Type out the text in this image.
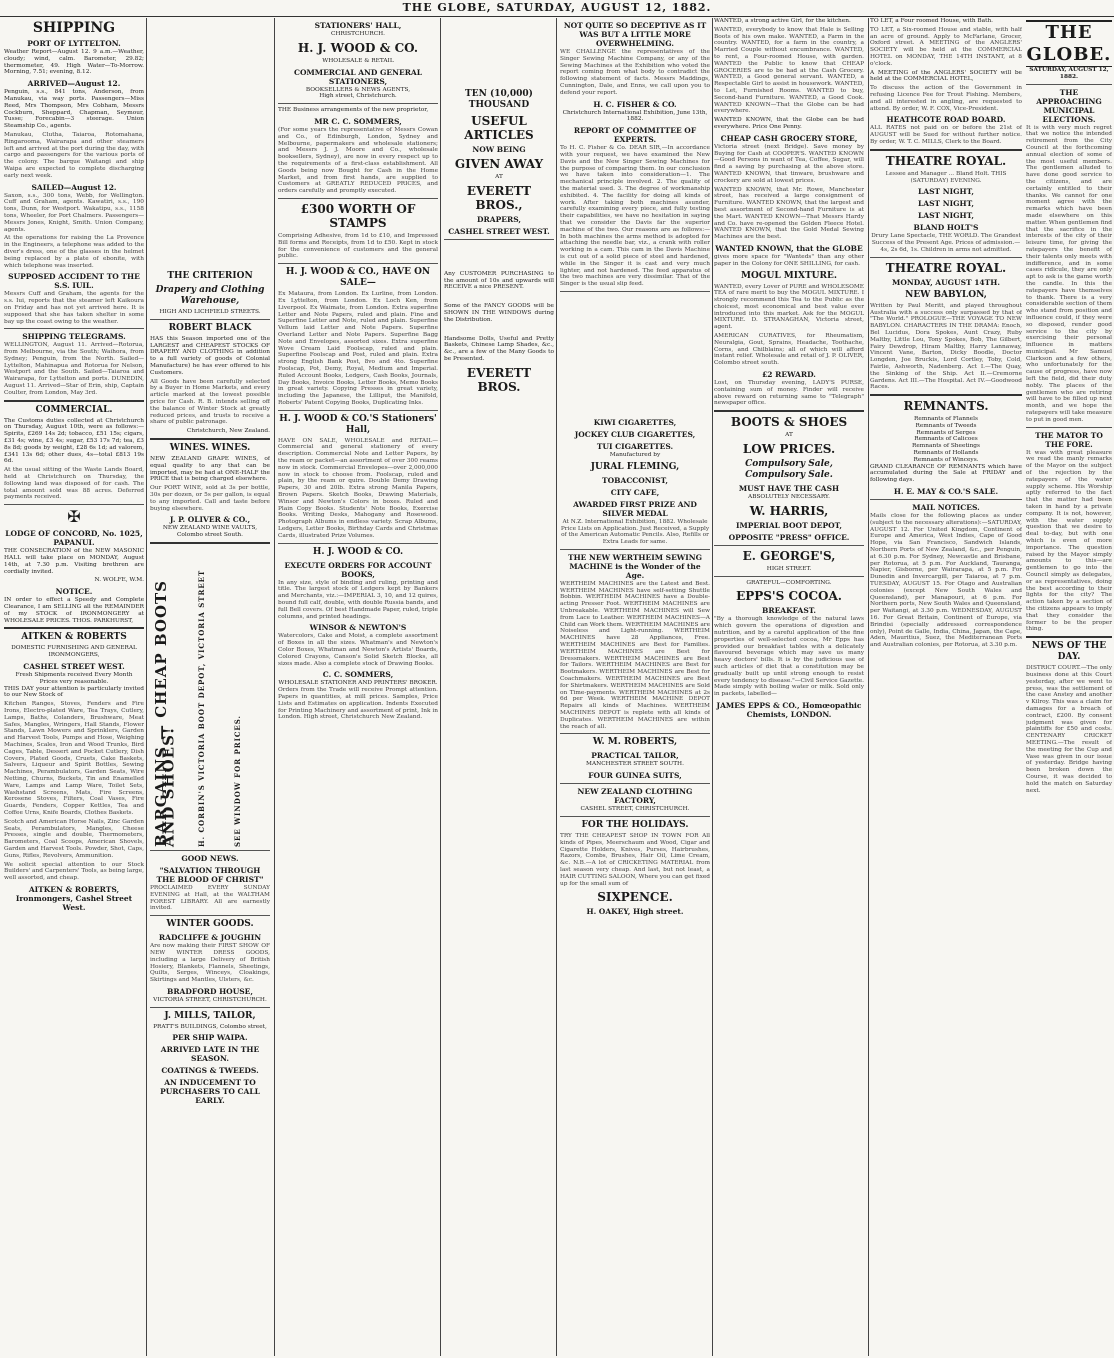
THE GLOBE, SATURDAY, AUGUST 12, 1882.
SHIPPING
PORT OF LYTTELTON.

Weather Report—August 12. 9 a.m.—Weather, cloudy; wind, calm. Barometer, 29.82; thermometer, 49. High Water—To-Morrow. Morning, 7.51; evening, 8.12.

ARRIVED—August 12.

Penguin, s.s., 841 tons, Anderson, from Manukau, via way ports. Passengers—Miss Reed, Mrs Thompson, Mrs Cobham, Messrs Cockburn, Sheppard, Chapman, Seymour, Tusse; Forecabin—3 steerage. Union Steamship Co., agents.

Manukau, Clutha, Taiaroa, Rotomahana, Ringarooma, Wairarapa and other steamers left and arrived at the port during the day, with cargo and passengers for the various ports of the colony. The barque Waitangi and ship Waipa are expected to complete discharging early next week.

SAILED—August 12.

Saxon, s.s., 300 tons, Webb, for Wellington. Cuff and Graham, agents. Kawatiri, s.s., 190 tons, Dunn, for Westport. Wakatipu, s.s., 1158 tons, Wheeler, for Port Chalmers. Passengers—Messrs Jones, Knight, Smith. Union Company, agents.

At the operations for raising the La Provence in the Engineers, a telephone was added to the diver's dress, one of the glasses in the helmet being replaced by a plate of ebonite, with which telephone was inserted.

SUPPOSED ACCIDENT TO THE S.S. IUIL.

Messrs Cuff and Graham, the agents for the s.s. Iui, reports that the steamer left Kaikoura on Friday and has not yet arrived here. It is supposed that she has taken shelter in some bay up the coast owing to the weather.

SHIPPING TELEGRAMS.

WELLINGTON, August 11. Arrived—Rotorua, from Melbourne, via the South; Waihora, from Sydney; Penguin, from the North. Sailed—Lyttelton, Mahinapua and Rotorua for Nelson, Westport and the South. Sailed—Taiaroa and Wairarapa, for Lyttelton and ports. DUNEDIN, August 11. Arrived—Star of Erin, ship, Captain Coulter, from London, May 3rd.

COMMERCIAL.

The Customs duties collected at Christchurch on Thursday, August 10th, were as follows:—Spirits, £269 14s 2d; tobacco, £51 15s; cigars, £31 4s; wine, £3 4s; sugar, £53 17s 7d; tea, £3 8s 8d; goods by weight, £28 6s 1d; ad valorem, £341 13s 6d; other dues, 4s—total £813 19s 6d.

At the usual sitting of the Waste Lands Board, held at Christchurch on Thursday, the following land was disposed of for cash. The total amount sold was 88 acres. Deferred payments received.

✠
LODGE OF CONCORD, No. 1025, PAPANUI.

THE CONSECRATION of the NEW MASONIC HALL will take place on MONDAY, August 14th, at 7.30 p.m. Visiting brethren are cordially invited.

N. WOLFE, W.M.

NOTICE.

IN order to effect a Speedy and Complete Clearance, I am SELLING all the REMAINDER of my STOCK of IRONMONGERY at WHOLESALE PRICES. THOS. PARKHURST,

AITKEN & ROBERTS
DOMESTIC FURNISHING AND GENERAL IRONMONGERS,
CASHEL STREET WEST.
Fresh Shipments received Every Month
Prices very reasonable.

THIS DAY your attention is particularly invited to our New Stock of

Kitchen Ranges, Stoves, Fenders and Fire Irons, Electro-plated Ware, Tea Trays, Cutlery, Lamps, Baths, Colanders, Brushware, Meat Safes, Mangles, Wringers, Hall Stands, Flower Stands, Lawn Mowers and Sprinklers, Garden and Harvest Tools, Pumps and Hose, Weighing Machines, Scales, Iron and Wood Trunks, Bird Cages, Table, Dessert and Pocket Cutlery, Dish Covers, Plated Goods, Cruets, Cake Baskets, Salvers, Liqueur and Spirit Bottles, Sewing Machines, Perambulators, Garden Seats, Wire Netting, Churns, Buckets, Tin and Enamelled Ware, Lamps and Lamp Ware, Toilet Sets, Washstand Screens, Mats, Fire Screens, Kerosene Stoves, Filters, Coal Vases, Fire Guards, Fenders, Copper Kettles, Tea and Coffee Urns, Knife Boards, Clothes Baskets.

Scotch and American Horse Nails, Zinc Garden Seats, Perambulators, Mangles, Cheese Presses, single and double, Thermometers, Barometers, Coal Scoops, American Shovels, Garden and Harvest Tools. Powder, Shot, Caps, Guns, Rifles, Revolvers, Ammunition.

We solicit special attention to our Stock Builders' and Carpenters' Tools, as being large, well assorted, and cheap.

AITKEN & ROBERTS, Ironmongers, Cashel Street West.
THE CRITERION
Drapery and Clothing Warehouse,
HIGH AND LICHFIELD STREETS.
ROBERT BLACK

HAS this Season imported one of the LARGEST and CHEAPEST STOCKS OF DRAPERY AND CLOTHING in addition to a full variety of goods of Colonial Manufacture) he has ever offered to his Customers.

All Goods have been carefully selected by a Buyer in Home Markets, and every article marked at the lowest possible price for Cash. R. B. intends selling off the balance of Winter Stock at greatly reduced prices, and trusts to receive a share of public patronage.

Christchurch, New Zealand.

WINES. WINES.

NEW ZEALAND GRAPE WINES, of equal quality to any that can be imported, may be had at ONE-HALF the PRICE that is being charged elsewhere.

Our PORT WINE, sold at 3s per bottle, 30s per dozen, or 5s per gallon, is equal to any imported. Call and taste before buying elsewhere.

J. P. OLIVER & CO.,
NEW ZEALAND WINE VAULTS,
Colombo street South.
BARGAINS — CHEAP BOOTS AND SHOES!	H. CORBIN'S VICTORIA BOOT DEPOT, VICTORIA STREET	SEE WINDOW FOR PRICES.
GOOD NEWS.
"SALVATION THROUGH THE BLOOD OF CHRIST"

PROCLAIMED EVERY SUNDAY EVENING at Hall, at the WALTHAM FOREST LIBRARY. All are earnestly invited.

WINTER GOODS.
RADCLIFFE & JOUGHIN

Are now making their FIRST SHOW OF NEW WINTER DRESS GOODS, including a large Delivery of British Hosiery, Blankets, Flannels, Sheetings, Quilts, Serges, Winceys, Cloakings, Skirtings and Mantles, Ulsters, &c.

BRADFORD HOUSE,
VICTORIA STREET, CHRISTCHURCH.
J. MILLS, TAILOR,
PRATT'S BUILDINGS, Colombo street,
PER SHIP WAIPA.
ARRIVED LATE IN THE SEASON.
COATINGS & TWEEDS.
AN INDUCEMENT TO PURCHASERS TO CALL EARLY.
STATIONERS' HALL,
CHRISTCHURCH.
H. J. WOOD & CO.
WHOLESALE & RETAIL
COMMERCIAL AND GENERAL STATIONERS,
BOOKSELLERS & NEWS AGENTS,
High street, Christchurch.

THE Business arrangements of the new proprietor,

MR C. C. SOMMERS,

(For some years the representative of Messrs Cowan and Co., of Edinburgh, London, Sydney and Melbourne, papermakers and wholesale stationers; and Messrs J. J. Moore and Co., wholesale booksellers, Sydney), are now in every respect up to the requirements of a first-class establishment. All Goods being now Bought for Cash in the Home Market, and from first hands, are supplied to Customers at GREATLY REDUCED PRICES, and orders carefully and promptly executed.

£300 WORTH OF STAMPS

Comprising Adhesive, from 1d to £10, and Impressed Bill forms and Receipts, from 1d to £50. Kept in stock for the convenience of customers and the general public.

H. J. WOOD & CO., HAVE ON SALE—

Ex Mataura, from London. Ex Lurline, from London. Ex Lyttelton, from London. Ex Loch Ken, from Liverpool. Ex Waimate, from London. Extra superfine Letter and Note Papers, ruled and plain. Fine and Superfine Letter and Note, ruled and plain. Superfine Vellum laid Letter and Note Papers. Superfine Overland Letter and Note Papers. Superfine Bagg Note and Envelopes, assorted sizes. Extra superfine Wove Cream Laid Foolscap, ruled and plain. Superfine Foolscap and Post, ruled and plain. Extra strong English Bank Post, 8vo and 4to. Superfine Foolscap, Pot, Demy, Royal, Medium and Imperial. Ruled Account Books, Ledgers, Cash Books, Journals, Day Books, Invoice Books, Letter Books, Memo Books in great variety. Copying Presses in great variety, including the Japanese, the Lilliput, the Manifold, Roberts' Patent Copying Books, Duplicating Inks.

H. J. WOOD & CO.'S Stationers' Hall,

HAVE ON SALE, WHOLESALE and RETAIL—Commercial and general stationery of every description. Commercial Note and Letter Papers, by the ream or packet—an assortment of over 300 reams now in stock. Commercial Envelopes—over 2,000,000 now in stock to choose from. Foolscap, ruled and plain, by the ream or quire. Double Demy Drawing Papers, 30 and 20lb. Extra strong Manila Papers, Brown Papers. Sketch Books, Drawing Materials, Winsor and Newton's Colors in boxes. Ruled and Plain Copy Books. Students' Note Books, Exercise Books. Writing Desks, Mahogany and Rosewood. Photograph Albums in endless variety. Scrap Albums, Ledgers, Letter Books, Birthday Cards and Christmas Cards, illustrated Prize Volumes.

H. J. WOOD & CO.
EXECUTE ORDERS FOR ACCOUNT BOOKS,

In any size, style of binding and ruling, printing and title. The largest stock of Ledgers kept by Bankers and Merchants, viz.:—IMPERIAL 3, 10, and 12 quires, bound full calf, double, with double Russia bands, and full Bell covers. Of best Handmade Paper, ruled, triple columns, and printed headings.

WINSOR & NEWTON'S

Watercolors, Cake and Moist, a complete assortment of Boxes in all the sizes. Whatman's and Newton's Color Boxes, Whatman and Newton's Artists' Boards, Colored Crayons, Canson's Solid Sketch Blocks, all sizes made. Also a complete stock of Drawing Books.

C. C. SOMMERS,
WHOLESALE STATIONER AND PRINTERS' BROKER.

Orders from the Trade will receive Prompt attention. Papers in quantities, at mill prices. Samples, Price Lists and Estimates on application. Indents Executed for Printing Machinery and assortment of print, Ink in London. High street, Christchurch New Zealand.

TEN (10,000) THOUSAND
USEFUL ARTICLES
NOW BEING
GIVEN AWAY
AT
EVERETT BROS.,
DRAPERS,
CASHEL STREET WEST.

Any CUSTOMER PURCHASING to the amount of 10s and upwards will RECEIVE a nice PRESENT.

Some of the FANCY GOODS will be SHOWN IN THE WINDOWS during the Distribution.

Handsome Dolls, Useful and Pretty Baskets, Chinese Lamp Shades, &c., &c., are a few of the Many Goods to be Presented.

EVERETT BROS.
NOT QUITE SO DECEPTIVE AS IT WAS BUT A LITTLE MORE OVERWHELMING.

WE CHALLENGE the representatives of the Singer Sewing Machine Company, or any of the Sewing Machines at the Exhibition who voted the report coming from what body to contradict the following statement of facts. Messrs Maddings, Cunnington, Dale, and Enns, we call upon you to defend your report.

H. C. FISHER & CO.
Christchurch International Exhibition, June 13th, 1882.
REPORT OF COMMITTEE OF EXPERTS.

To H. C. Fisher & Co. DEAR SIR,—In accordance with your request, we have examined the New Davis and the New Singer Sewing Machines for the purpose of comparing them. In our conclusion we have taken into consideration—1. The mechanical principle involved. 2. The quality of the material used. 3. The degree of workmanship exhibited. 4. The facility for doing all kinds of work. After taking both machines asunder, carefully examining every piece, and fully testing their capabilities, we have no hesitation in saying that we consider the Davis far the superior machine of the two. Our reasons are as follows:—In both machines the arms method is adopted for attaching the needle bar, viz., a crank with roller working in a cam. This cam in the Davis Machine is cut out of a solid piece of steel and hardened, while in the Singer it is cast and very much lighter, and not hardened. The feed apparatus of the two machines are very dissimilar. That of the Singer is the usual slip feed.

KIWI CIGARETTES,
JOCKEY CLUB CIGARETTES,
TUI CIGARETTES.
Manufactured by
JURAL FLEMING,
TOBACCONIST,
CITY CAFE,
AWARDED FIRST PRIZE AND SILVER MEDAL

At N.Z. International Exhibition, 1882. Wholesale Price Lists on Application. Just Received, a Supply of the American Automatic Pencils. Also, Refills or Extra Leads for same.

THE NEW WERTHEIM SEWING MACHINE is the Wonder of the Age.

WERTHEIM MACHINES are the Latest and Best. WERTHEIM MACHINES have self-setting Shuttle Bobbin. WERTHEIM MACHINES have a Double-acting Presser Foot. WERTHEIM MACHINES are Unbreakable. WERTHEIM MACHINES will Sew from Lace to Leather. WERTHEIM MACHINES—A Child can Work them. WERTHEIM MACHINES are Noiseless and Light-running. WERTHEIM MACHINES have 28 Appliances, Free. WERTHEIM MACHINES are Best for Families. WERTHEIM MACHINES are Best for Dressmakers. WERTHEIM MACHINES are Best for Tailors. WERTHEIM MACHINES are Best for Bootmakers. WERTHEIM MACHINES are Best for Coachmakers. WERTHEIM MACHINES are Best for Shirtmakers. WERTHEIM MACHINES are Sold on Time-payments. WERTHEIM MACHINES at 2s 6d per Week. WERTHEIM MACHINE DEPOT Repairs all kinds of Machines. WERTHEIM MACHINES DEPOT is replete with all kinds of Duplicates. WERTHEIM MACHINES are within the reach of all.

W. M. ROBERTS,
PRACTICAL TAILOR,
MANCHESTER STREET SOUTH.
FOUR GUINEA SUITS,
NEW ZEALAND CLOTHING FACTORY,
CASHEL STREET, CHRISTCHURCH.
FOR THE HOLIDAYS.

TRY THE CHEAPEST SHOP IN TOWN FOR All kinds of Pipes, Meerschaum and Wood, Cigar and Cigarette Holders, Knives, Purses, Hairbrushes, Razors, Combs, Brushes, Hair Oil, Lime Cream, &c. N.B.—A lot of CRICKETING MATERIAL from last season very cheap. And last, but not least, a HAIR CUTTING SALOON, Where you can get fixed up for the small sum of

SIXPENCE.
H. OAKEY, High street.

WANTED, a strong active Girl, for the kitchen.

WANTED, everybody to know that Hale is Selling Boots of his own make. WANTED, a Farm in the country. WANTED, for a farm in the country, a Married Couple without encumbrance. WANTED, to rent, a Four-roomed House, with garden. WANTED the Public to know that CHEAP GROCERIES are to be had at the Cash Grocery. WANTED, a Good general servant. WANTED, a Respectable Girl to assist in housework. WANTED, to Let, Furnished Rooms. WANTED to buy, Second-hand Furniture. WANTED, a Good Cook. WANTED KNOWN—That the Globe can be had everywhere.

WANTED KNOWN, that the Globe can be had everywhere. Price One Penny.

CHEAP CASH GROCERY STORE,

Victoria street (next Bridge). Save money by Buying for Cash at COOPER'S. WANTED KNOWN—Good Persons in want of Tea, Coffee, Sugar, will find a saving by purchasing at the above store. WANTED KNOWN, that tinware, brushware and crockery are sold at lowest prices.

WANTED KNOWN, that Mr. Rowe, Manchester street, has received a large consignment of Furniture. WANTED KNOWN, that the largest and best assortment of Second-hand Furniture is at the Mart. WANTED KNOWN—That Messrs Hardy and Co. have re-opened the Golden Fleece Hotel. WANTED KNOWN, that the Gold Medal Sewing Machines are the best.

WANTED KNOWN, that the GLOBE

gives more space for "Wanteds" than any other paper in the Colony for ONE SHILLING, for cash.

MOGUL MIXTURE.

WANTED, every Lover of PURE and WHOLESOME TEA of rare merit to buy the MOGUL MIXTURE. I strongly recommend this Tea to the Public as the choicest, most economical and best value ever introduced into this market. Ask for the MOGUL MIXTURE. D. STRANAGHAN, Victoria street, agent.

AMERICAN CURATIVES, for Rheumatism, Neuralgia, Gout, Sprains, Headache, Toothache, Corns, and Chilblains; all of which will afford instant relief. Wholesale and retail of J. P. OLIVER, Colombo street south.

£2 REWARD.

Lost, on Thursday evening, LADY'S PURSE, containing sum of money. Finder will receive above reward on returning same to "Telegraph" newspaper office.

BOOTS & SHOES
AT
LOW PRICES.
Compulsory Sale, Compulsory Sale.
MUST HAVE THE CASH
ABSOLUTELY NECESSARY.
W. HARRIS,
IMPERIAL BOOT DEPOT,
OPPOSITE "PRESS" OFFICE.
E. GEORGE'S,
HIGH STREET.
GRATEFUL—COMFORTING.
EPPS'S COCOA.
BREAKFAST.

"By a thorough knowledge of the natural laws which govern the operations of digestion and nutrition, and by a careful application of the fine properties of well-selected cocoa, Mr Epps has provided our breakfast tables with a delicately flavoured beverage which may save us many heavy doctors' bills. It is by the judicious use of such articles of diet that a constitution may be gradually built up until strong enough to resist every tendency to disease."—Civil Service Gazette. Made simply with boiling water or milk. Sold only in packets, labelled—

JAMES EPPS & CO., Homœopathic Chemists, LONDON.

TO LET, a Four roomed House, with Bath.

TO LET, a Six-roomed House and stable, with half an acre of ground. Apply to McFarlane, Grocer, Oxford street. A MEETING of the ANGLERS' SOCIETY will be held at the COMMERCIAL HOTEL on MONDAY, THE 14TH INSTANT, at 8 o'clock.

A MEETING of the ANGLERS' SOCIETY will be held at the COMMERCIAL HOTEL,

To discuss the action of the Government in refusing Licence Fee for Trout Fishing. Members, and all interested in angling, are requested to attend. By order, W. F. COX, Vice-President.

HEATHCOTE ROAD BOARD.

ALL RATES not paid on or before the 21st of AUGUST will be Sued for without further notice. By order, W. T. C. MILLS, Clerk to the Board.

THEATRE ROYAL.

Lessee and Manager ... Bland Holt. THIS (SATURDAY) EVENING.

LAST NIGHT,
LAST NIGHT,
LAST NIGHT,
BLAND HOLT'S

Drury Lane Spectacle, THE WORLD. The Grandest Success of the Present Age. Prices of admission.—4s, 2s 6d, 1s. Children in arms not admitted.

THEATRE ROYAL.
MONDAY, AUGUST 14TH.
NEW BABYLON,

Written by Paul Meritt, and played throughout Australia with a success only surpassed by that of "The World." PROLOGUE—THE VOYAGE TO NEW BABYLON. CHARACTERS IN THE DRAMA: Enoch, Bel Lucidus, Dora Spokes, Aunt Crazy, Ruby Maltby, Little Lou, Tony Spokes, Bob, The Gilbert, Fairy Dewdrop, Hiram Maltby, Harry Lannaway, Vincent Vane, Barton, Dicky Boodle, Doctor Longden, Joe Bruckis, Lord Cortley, Toby, Cold, Fairlie, Ashworth, Nadenberg. Act I.—The Quay, the Sinking of the Ship. Act II.—Cremorne Gardens. Act III.—The Hospital. Act IV.—Goodwood Races.

REMNANTS.
Remnants of Flannels
Remnants of Tweeds
Remnants of Serges
Remnants of Calicoes
Remnants of Sheetings
Remnants of Hollands
Remnants of Winceys.

GRAND CLEARANCE OF REMNANTS which have accumulated during the Sale at FRIDAY and following days.

H. E. MAY & CO.'S SALE.
MAIL NOTICES.

Mails close for the following places as under (subject to the necessary alterations):—SATURDAY, AUGUST 12. For United Kingdom, Continent of Europe and America, West Indies, Cape of Good Hope, via San Francisco, Sandwich Islands, Northern Ports of New Zealand, &c., per Penguin, at 6.30 p.m. For Sydney, Newcastle and Brisbane, per Rotorua, at 5 p.m. For Auckland, Tauranga, Napier, Gisborne, per Wairarapa, at 5 p.m. For Dunedin and Invercargill, per Taiaroa, at 7 p.m. TUESDAY, AUGUST 15. For Otago and Australian colonies (except New South Wales and Queensland), per Manapouri, at 6 p.m. For Northern ports, New South Wales and Queensland, per Waitangi, at 3.30 p.m. WEDNESDAY, AUGUST 16. For Great Britain, Continent of Europe, via Brindisi (specially addressed correspondence only), Point de Galle, India, China, Japan, the Cape, Aden, Mauritius, Suez, the Mediterranean Ports and Australian colonies, per Rotorua, at 3.30 p.m.

THE GLOBE.
SATURDAY, AUGUST 12, 1882.
THE APPROACHING MUNICIPAL ELECTIONS.

It is with very much regret that we notice the intended retirement from the City Council at the forthcoming annual election of some of the most useful members. The gentlemen alluded to have done good service to the citizens, and are certainly entitled to their thanks. We cannot for one moment agree with the remarks which have been made elsewhere on this matter. When gentlemen find that the sacrifice in the interests of the city of their leisure time, for giving the ratepayers the benefit of their talents only meets with indifference, and in some cases ridicule, they are only apt to ask is the game worth the candle. In this the ratepayers have themselves to thank. There is a very considerable section of them who stand from position and influence could, if they were so disposed, render good service to the city by exercising their personal influence in matters municipal. Mr Samuel Clarkson and a few others, who unfortunately for the cause of progress, have now left the field, did their duty nobly. The places of the gentlemen who are retiring will have to be filled up next month, and we hope the ratepayers will take measure to put in good men.

THE MATOR TO THE FORE.

It was with great pleasure we read the manly remarks of the Mayor on the subject of the rejection by the ratepayers of the water supply scheme. His Worship aptly referred to the fact that the matter had been taken in hand by a private company. It is not, however, with the water supply question that we desire to deal to-day, but with one which is even of more importance. The question raised by the Mayor simply amounts to this—are gentlemen to go into the Council simply as delegates, or as representatives, doing the best according to their lights for the city? The action taken by a section of the citizens appears to imply that they consider the former to be the proper thing.

NEWS OF THE DAY.

DISTRICT COURT.—The only business done at this Court yesterday, after we went to press, was the settlement of the case Anstey and another v Kilroy. This was a claim for damages for a breach of contract, £200. By consent judgment was given for plaintiffs for £50 and costs. CENTENARY CRICKET MEETING.—The result of the meeting for the Cup and Vase was given in our issue of yesterday. Bridge having been broken down the Course, it was decided to hold the match on Saturday next.
